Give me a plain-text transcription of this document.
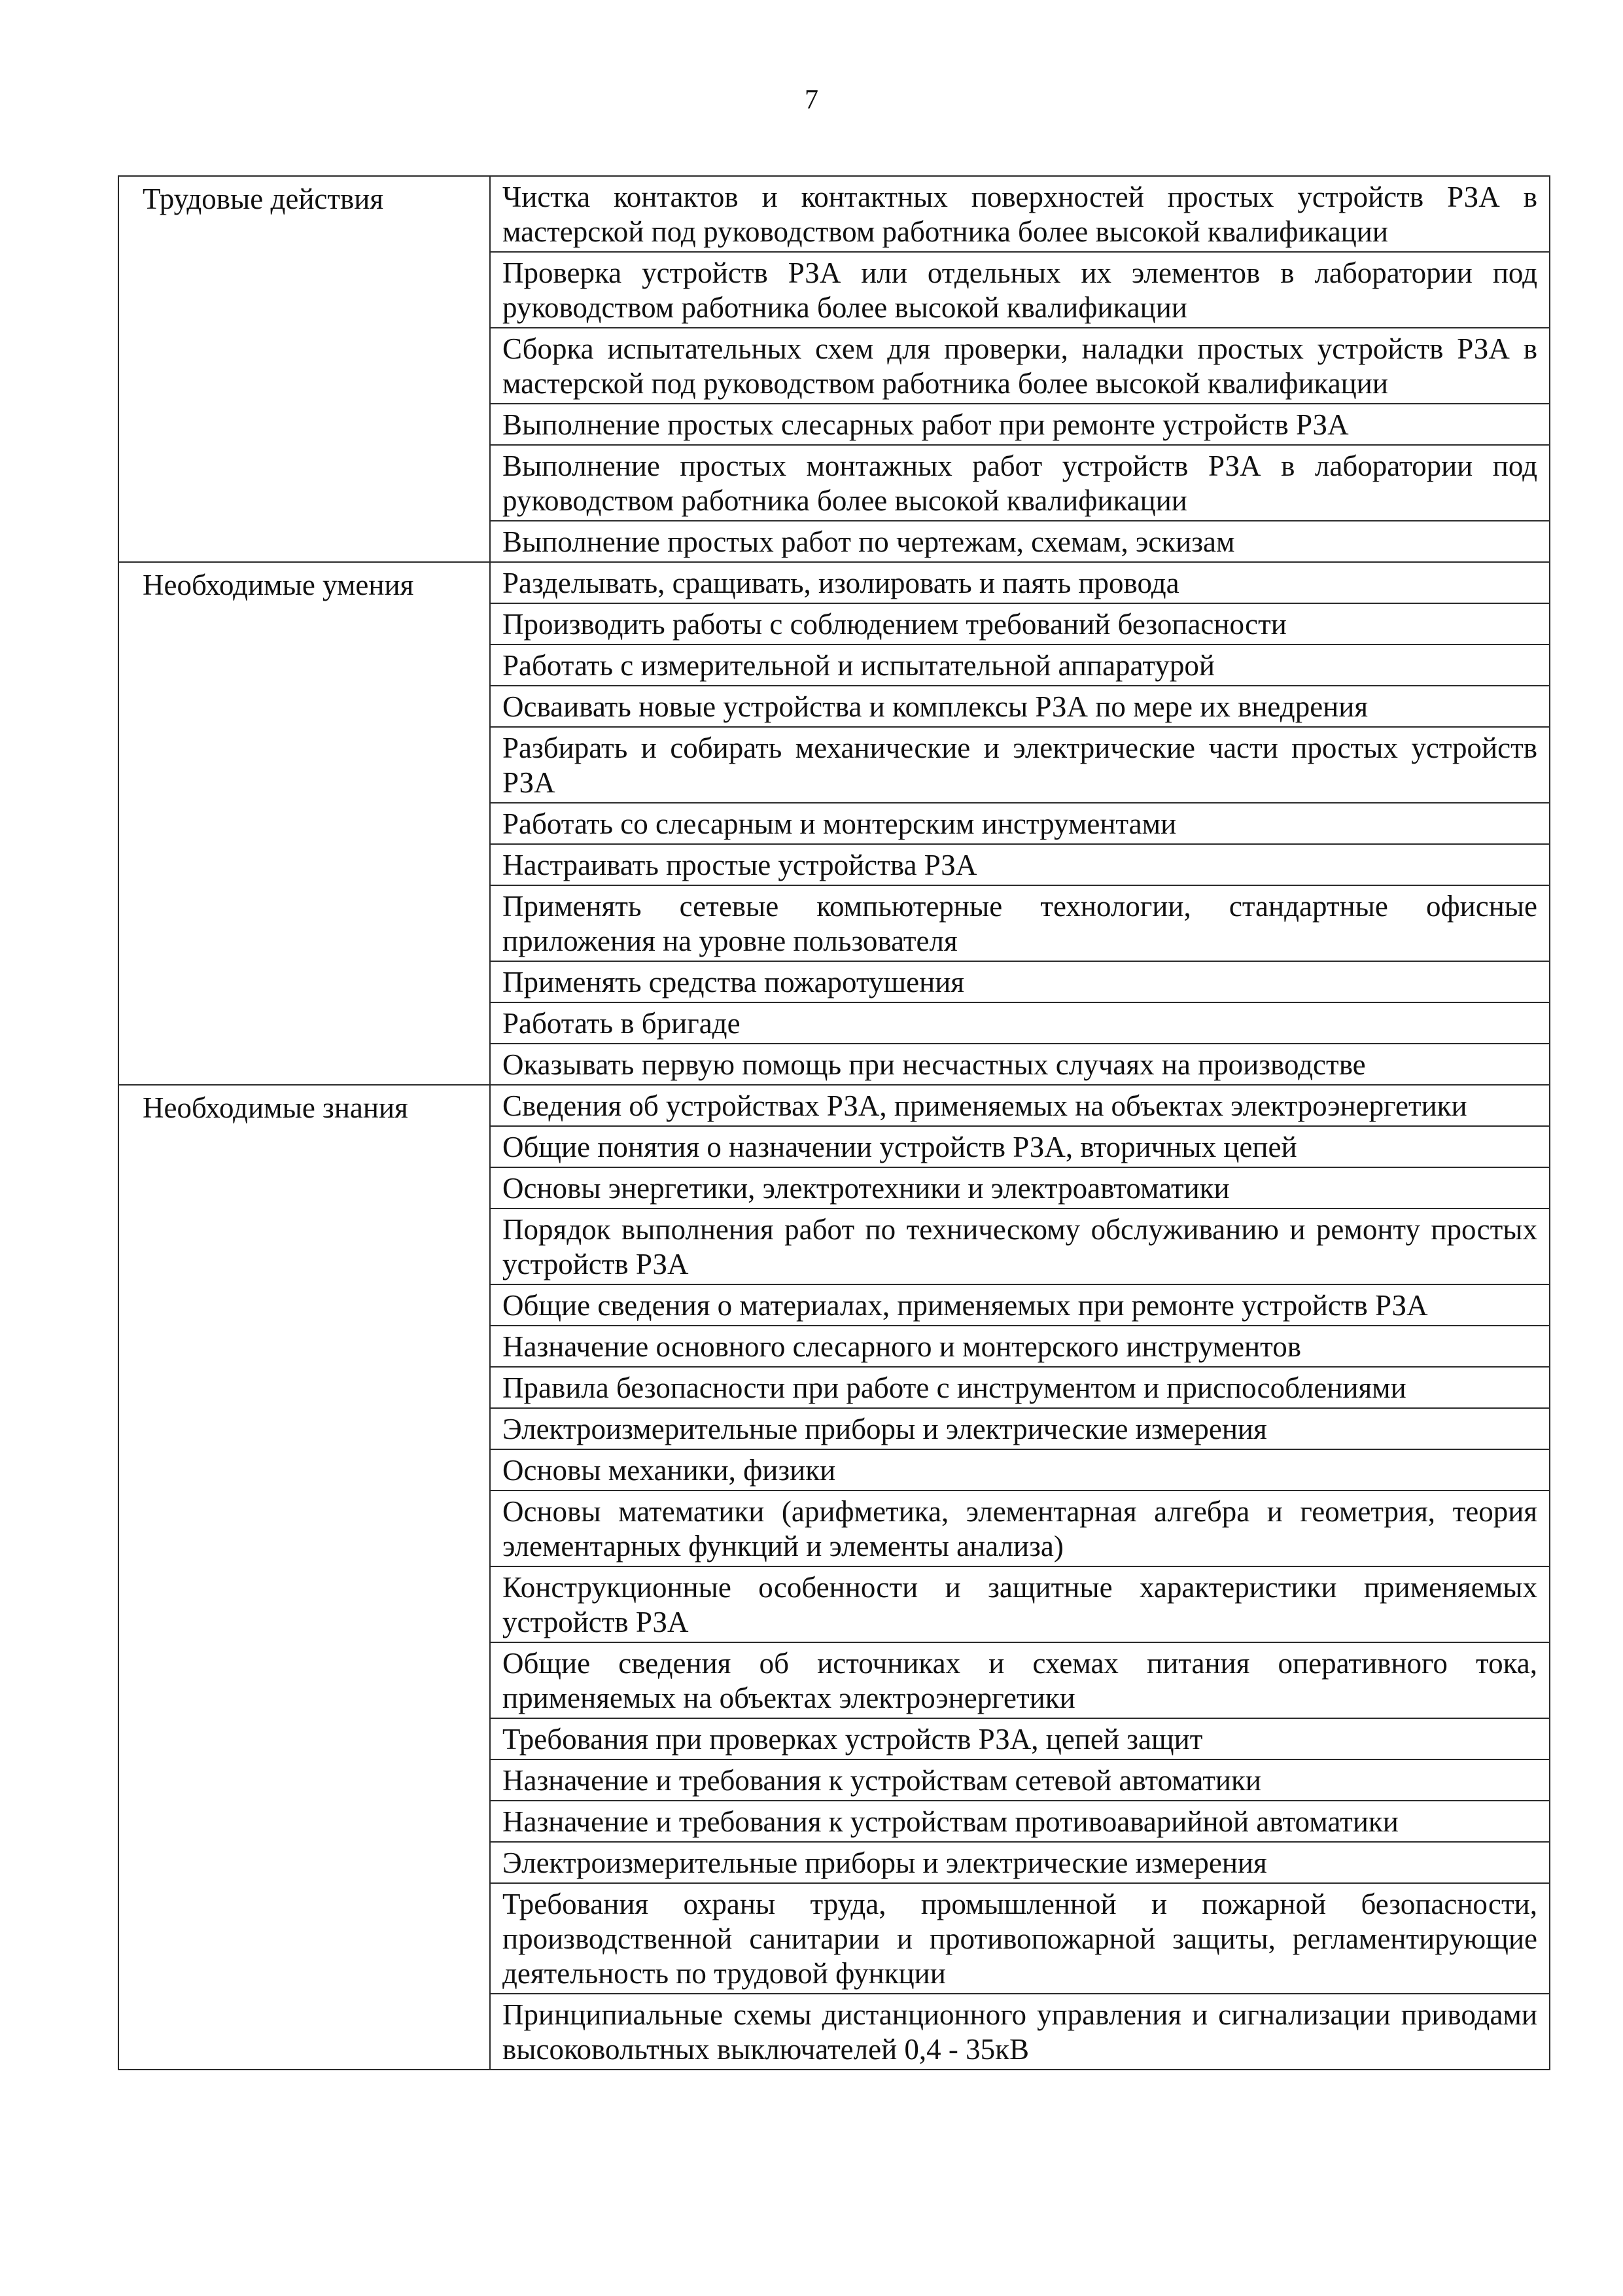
7
Трудовые действия	Чистка контактов и контактных поверхностей простых устройств РЗА в мастерской под руководством работника более высокой квалификации
	Проверка устройств РЗА или отдельных их элементов в лаборатории под руководством работника более высокой квалификации
	Сборка испытательных схем для проверки, наладки простых устройств РЗА в мастерской под руководством работника более высокой квалификации
	Выполнение простых слесарных работ при ремонте устройств РЗА
	Выполнение простых монтажных работ устройств РЗА в лаборатории под руководством работника более высокой квалификации
	Выполнение простых работ по чертежам, схемам, эскизам
Необходимые умения	Разделывать, сращивать, изолировать и паять провода
	Производить работы с соблюдением требований безопасности
	Работать с измерительной и испытательной аппаратурой
	Осваивать новые устройства и комплексы РЗА по мере их внедрения
	Разбирать и собирать механические и электрические части простых устройств РЗА
	Работать со слесарным и монтерским инструментами
	Настраивать простые устройства РЗА
	Применять сетевые компьютерные технологии, стандартные офисные приложения на уровне пользователя
	Применять средства пожаротушения
	Работать в бригаде
	Оказывать первую помощь при несчастных случаях на производстве
Необходимые знания	Сведения об устройствах РЗА, применяемых на объектах электроэнергетики
	Общие понятия о назначении устройств РЗА, вторичных цепей
	Основы энергетики, электротехники и электроавтоматики
	Порядок выполнения работ по техническому обслуживанию и ремонту простых устройств РЗА
	Общие сведения о материалах, применяемых при ремонте устройств РЗА
	Назначение основного слесарного и монтерского инструментов
	Правила безопасности при работе с инструментом и приспособлениями
	Электроизмерительные приборы и электрические измерения
	Основы механики, физики
	Основы математики (арифметика, элементарная алгебра и геометрия, теория элементарных функций и элементы анализа)
	Конструкционные особенности и защитные характеристики применяемых устройств РЗА
	Общие сведения об источниках и схемах питания оперативного тока, применяемых на объектах электроэнергетики
	Требования при проверках устройств РЗА, цепей защит
	Назначение и требования к устройствам сетевой автоматики
	Назначение и требования к устройствам противоаварийной автоматики
	Электроизмерительные приборы и электрические измерения
	Требования охраны труда, промышленной и пожарной безопасности, производственной санитарии и противопожарной защиты, регламентирующие деятельность по трудовой функции
	Принципиальные схемы дистанционного управления и сигнализации приводами высоковольтных выключателей 0,4 - 35кВ
